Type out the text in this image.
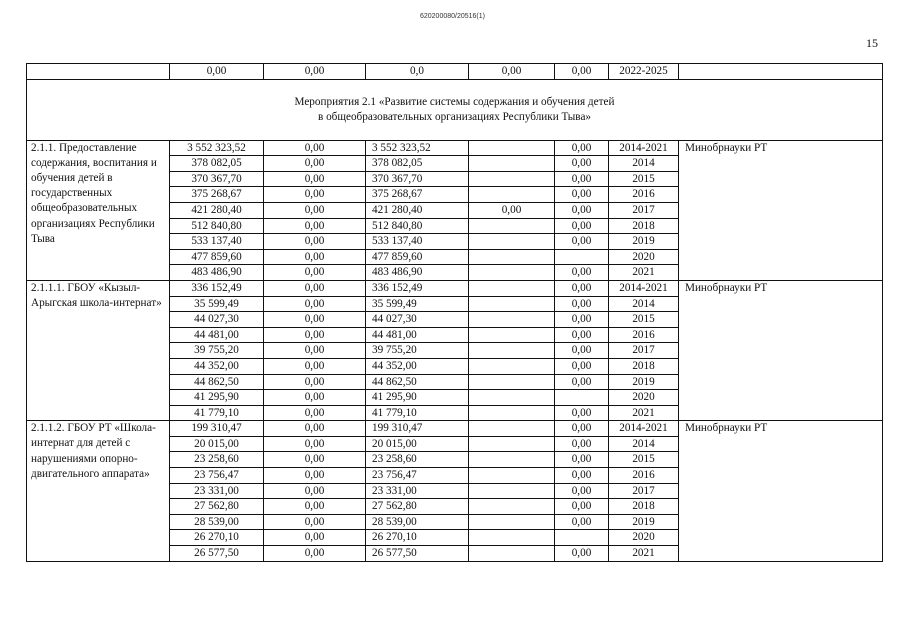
620200080/20516(1)
15
	0,00	0,00	0,0	0,00	0,00	2022-2025	

Мероприятия 2.1 «Развитие системы содержания и обучения детей
в общеобразовательных организациях Республики Тыва»							

2.1.1. Предоставление содержания, воспитания и обучения детей в государственных общеобразовательных организациях Республики Тыва	3 552 323,52	0,00	3 552 323,52		0,00	2014-2021	Минобрнауки РТ
	378 082,05	0,00	378 082,05		0,00	2014	
	370 367,70	0,00	370 367,70		0,00	2015	
	375 268,67	0,00	375 268,67		0,00	2016	
	421 280,40	0,00	421 280,40	0,00	0,00	2017	
	512 840,80	0,00	512 840,80		0,00	2018	
	533 137,40	0,00	533 137,40		0,00	2019	
	477 859,60	0,00	477 859,60			2020	
	483 486,90	0,00	483 486,90		0,00	2021	
2.1.1.1. ГБОУ «Кызыл-Арыгская школа-интернат»	336 152,49	0,00	336 152,49		0,00	2014-2021	Минобрнауки РТ
	35 599,49	0,00	35 599,49		0,00	2014	
	44 027,30	0,00	44 027,30		0,00	2015	
	44 481,00	0,00	44 481,00		0,00	2016	
	39 755,20	0,00	39 755,20		0,00	2017	
	44 352,00	0,00	44 352,00		0,00	2018	
	44 862,50	0,00	44 862,50		0,00	2019	
	41 295,90	0,00	41 295,90			2020	
	41 779,10	0,00	41 779,10		0,00	2021	
2.1.1.2. ГБОУ РТ «Школа-интернат для детей с нарушениями опорно-двигательного аппарата»	199 310,47	0,00	199 310,47		0,00	2014-2021	Минобрнауки РТ
	20 015,00	0,00	20 015,00		0,00	2014	
	23 258,60	0,00	23 258,60		0,00	2015	
	23 756,47	0,00	23 756,47		0,00	2016	
	23 331,00	0,00	23 331,00		0,00	2017	
	27 562,80	0,00	27 562,80		0,00	2018	
	28 539,00	0,00	28 539,00		0,00	2019	
	26 270,10	0,00	26 270,10			2020	
	26 577,50	0,00	26 577,50		0,00	2021	
